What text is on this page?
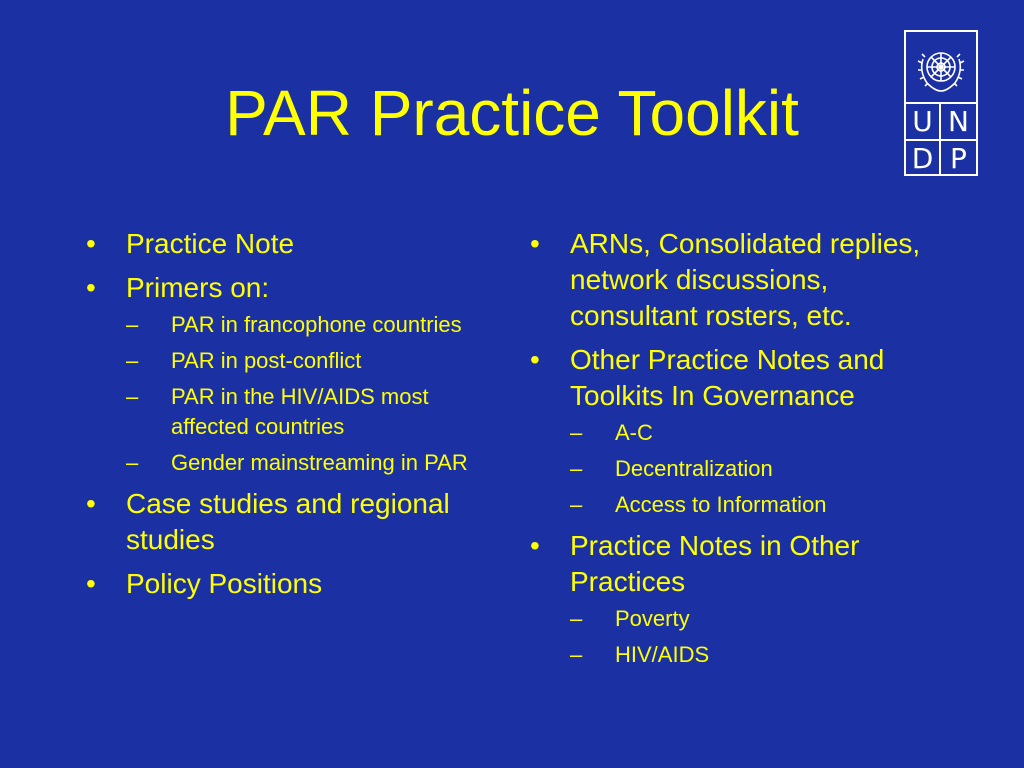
PAR Practice Toolkit	U N
D P
• Practice Note
• Primers on:
– PAR in francophone countries
– PAR in post-conflict
– PAR in the HIV/AIDS most affected countries
– Gender mainstreaming in PAR
• Case studies and regional studies
• Policy Positions
• ARNs, Consolidated replies, network discussions, consultant rosters, etc.
• Other Practice Notes and Toolkits In Governance
– A-C
– Decentralization
– Access to Information
• Practice Notes in Other Practices
– Poverty
– HIV/AIDS
